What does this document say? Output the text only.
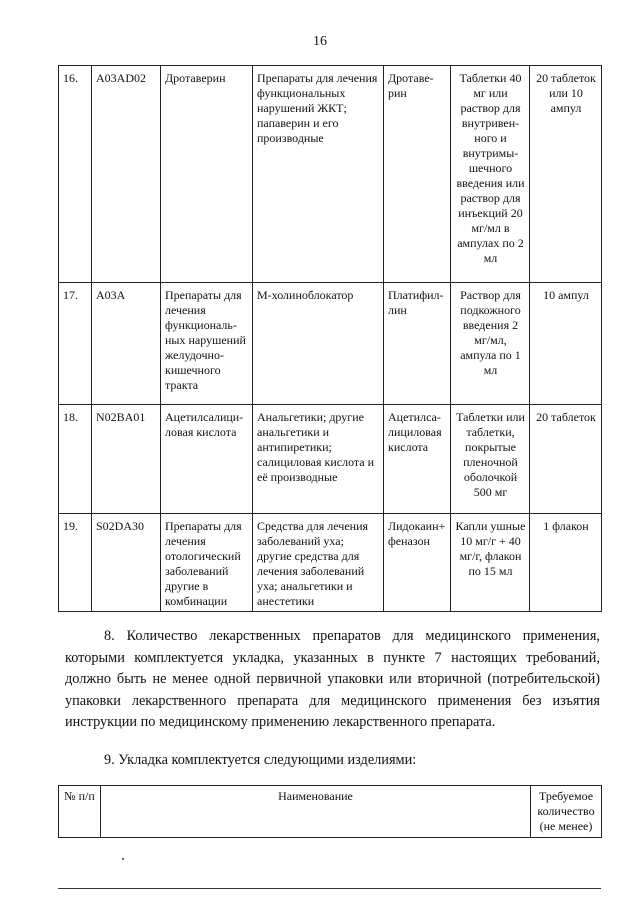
16
16.	A03AD02	Дротаверин	Препараты для лечения функциональных нарушений ЖКТ; папаверин и его производные	Дротаве-рин	Таблетки 40 мг или раствор для внутривен-ного и внутримы-шечного введения или раствор для инъекций 20 мг/мл в ампулах по 2 мл	20 таблеток или 10 ампул
17.	A03A	Препараты для лечения функциональ-ных нарушений желудочно-кишечного тракта	М-холиноблокатор	Платифил-лин	Раствор для подкожного введения 2 мг/мл, ампула по 1 мл	10 ампул
18.	N02BA01	Ацетилсалици-ловая кислота	Анальгетики; другие анальгетики и антипиретики; салициловая кислота и её производные	Ацетилса-лициловая кислота	Таблетки или таблетки, покрытые пленочной оболочкой 500 мг	20 таблеток
19.	S02DA30	Препараты для лечения отологический заболеваний другие в комбинации	Средства для лечения заболеваний уха; другие средства для лечения заболеваний уха; анальгетики и анестетики	Лидокаин+ феназон	Капли ушные 10 мг/г + 40 мг/г, флакон по 15 мл	1 флакон

8. Количество лекарственных препаратов для медицинского применения, которыми комплектуется укладка, указанных в пункте 7 настоящих требований, должно быть не менее одной первичной упаковки или вторичной (потребительской) упаковки лекарственного препарата для медицинского применения без изъятия инструкции по медицинскому применению лекарственного препарата.

9. Укладка комплектуется следующими изделиями:

№ п/п	Наименование	Требуемое количество (не менее)
